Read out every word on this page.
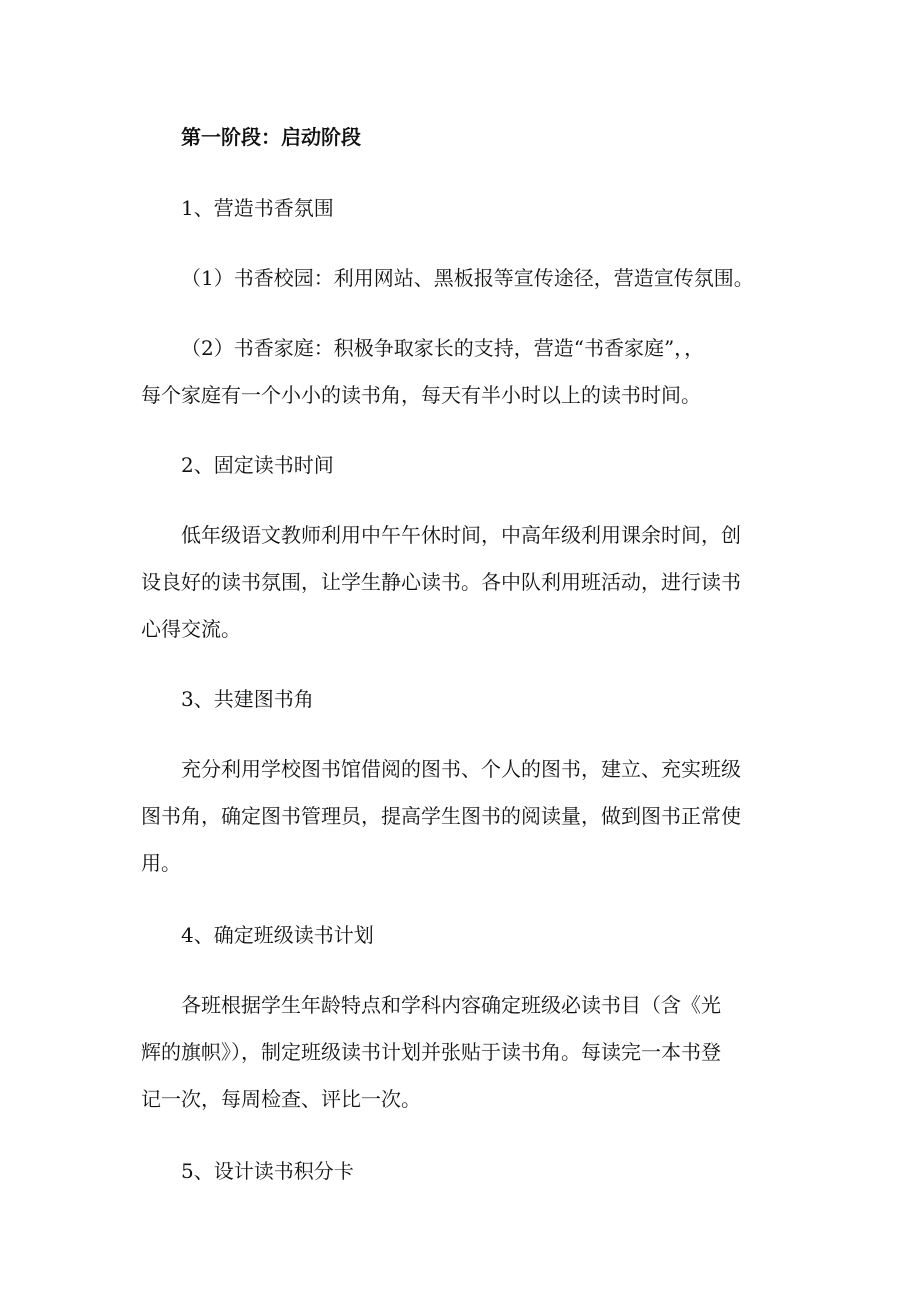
第一阶段：启动阶段
1、营造书香氛围
（1）书香校园：利用网站、黑板报等宣传途径，营造宣传氛围。
（2）书香家庭：积极争取家长的支持，营造“书香家庭”，，
每个家庭有一个小小的读书角，每天有半小时以上的读书时间。
2、固定读书时间
低年级语文教师利用中午午休时间，中高年级利用课余时间，创
设良好的读书氛围，让学生静心读书。各中队利用班活动，进行读书
心得交流。
3、共建图书角
充分利用学校图书馆借阅的图书、个人的图书，建立、充实班级
图书角，确定图书管理员，提高学生图书的阅读量，做到图书正常使
用。
4、确定班级读书计划
各班根据学生年龄特点和学科内容确定班级必读书目（含《光
辉的旗帜》），制定班级读书计划并张贴于读书角。每读完一本书登
记一次，每周检查、评比一次。
5、设计读书积分卡
